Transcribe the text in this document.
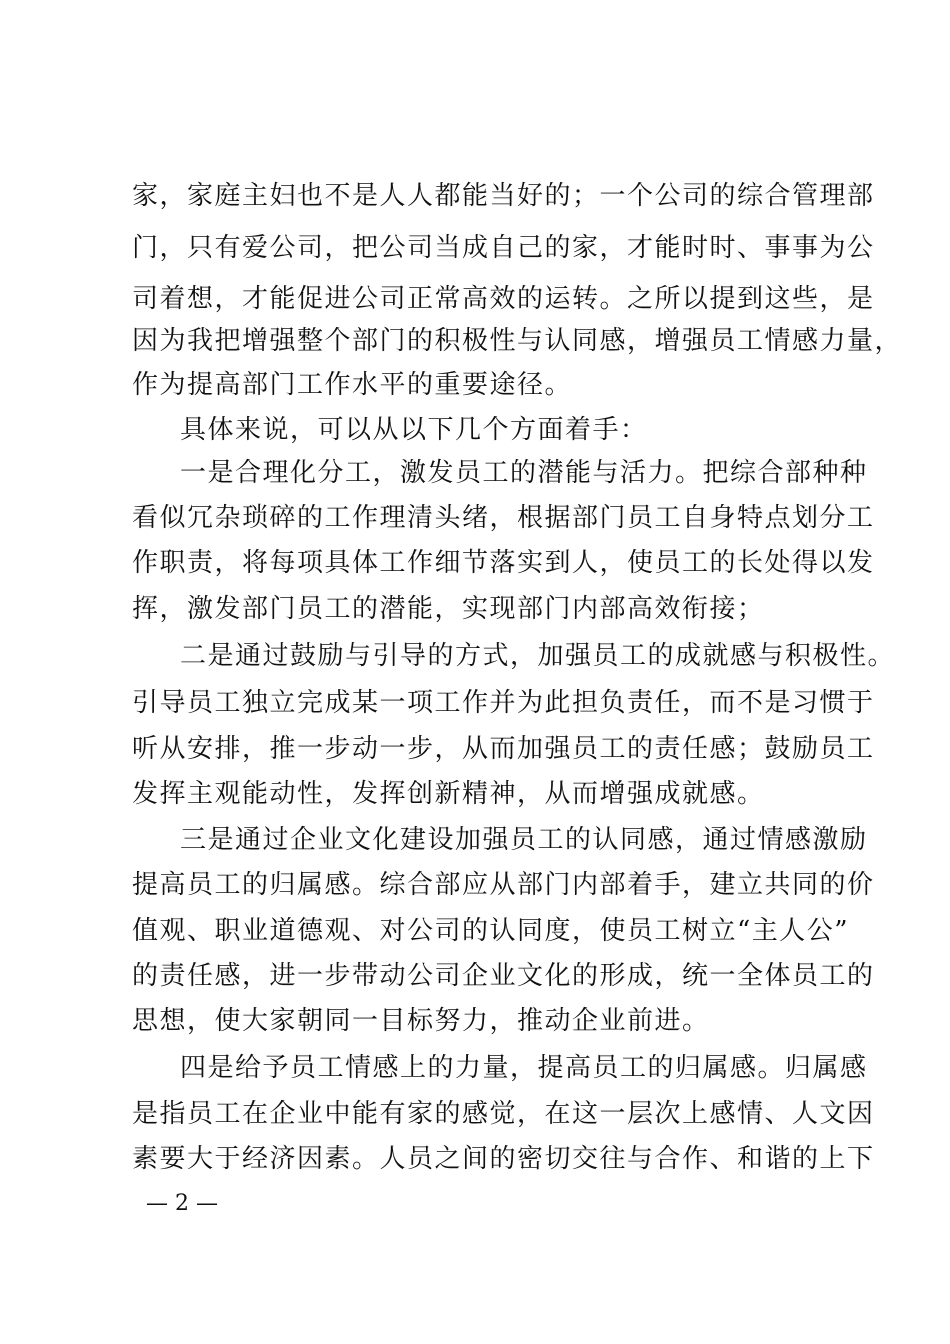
家，家庭主妇也不是人人都能当好的；一个公司的综合管理部
门，只有爱公司，把公司当成自己的家，才能时时、事事为公
司着想，才能促进公司正常高效的运转。之所以提到这些，是
因为我把增强整个部门的积极性与认同感，增强员工情感力量，
作为提高部门工作水平的重要途径。
具体来说，可以从以下几个方面着手：
一是合理化分工，激发员工的潜能与活力。把综合部种种
看似冗杂琐碎的工作理清头绪，根据部门员工自身特点划分工
作职责，将每项具体工作细节落实到人，使员工的长处得以发
挥，激发部门员工的潜能，实现部门内部高效衔接；
二是通过鼓励与引导的方式，加强员工的成就感与积极性。
引导员工独立完成某一项工作并为此担负责任，而不是习惯于
听从安排，推一步动一步，从而加强员工的责任感；鼓励员工
发挥主观能动性，发挥创新精神，从而增强成就感。
三是通过企业文化建设加强员工的认同感，通过情感激励
提高员工的归属感。综合部应从部门内部着手，建立共同的价
值观、职业道德观、对公司的认同度，使员工树立“主人公”
的责任感，进一步带动公司企业文化的形成，统一全体员工的
思想，使大家朝同一目标努力，推动企业前进。
四是给予员工情感上的力量，提高员工的归属感。归属感
是指员工在企业中能有家的感觉，在这一层次上感情、人文因
素要大于经济因素。人员之间的密切交往与合作、和谐的上下
— 2 —
